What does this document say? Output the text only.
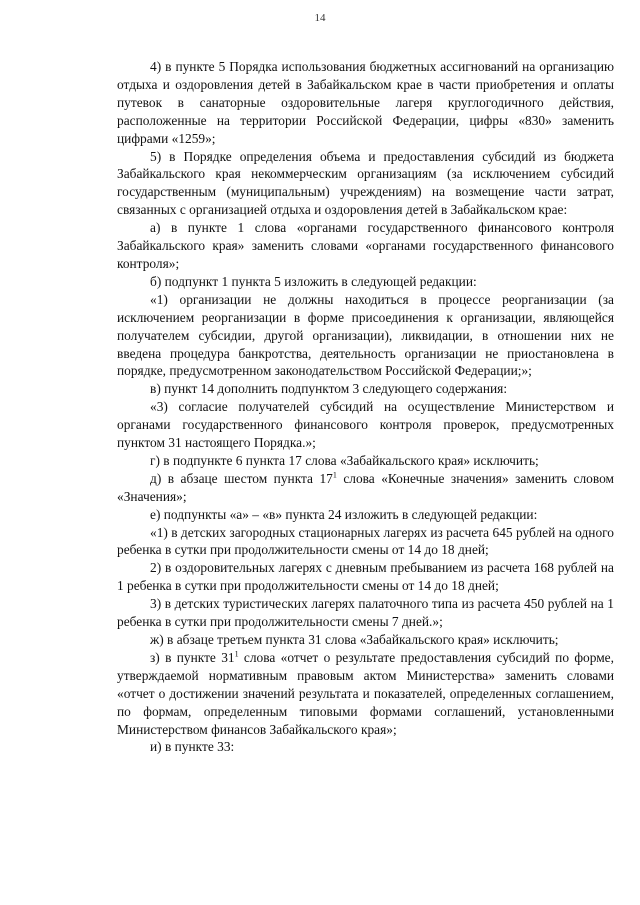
14

4) в пункте 5 Порядка использования бюджетных ассигнований на организацию отдыха и оздоровления детей в Забайкальском крае в части приобретения и оплаты путевок в санаторные оздоровительные лагеря круглогодичного действия, расположенные на территории Российской Федерации, цифры «830» заменить цифрами «1259»;

5) в Порядке определения объема и предоставления субсидий из бюджета Забайкальского края некоммерческим организациям (за исключением субсидий государственным (муниципальным) учреждениям) на возмещение части затрат, связанных с организацией отдыха и оздоровления детей в Забайкальском крае:

а) в пункте 1 слова «органами государственного финансового контроля Забайкальского края» заменить словами «органами государственного финансового контроля»;

б) подпункт 1 пункта 5 изложить в следующей редакции:

«1) организации не должны находиться в процессе реорганизации (за исключением реорганизации в форме присоединения к организации, являющейся получателем субсидии, другой организации), ликвидации, в отношении них не введена процедура банкротства, деятельность организации не приостановлена в порядке, предусмотренном законодательством Российской Федерации;»;

в) пункт 14 дополнить подпунктом 3 следующего содержания:

«3) согласие получателей субсидий на осуществление Министерством и органами государственного финансового контроля проверок, предусмотренных пунктом 31 настоящего Порядка.»;

г) в подпункте 6 пункта 17 слова «Забайкальского края» исключить;

д) в абзаце шестом пункта $17^1$ слова «Конечные значения» заменить словом «Значения»;

е) подпункты «а» – «в» пункта 24 изложить в следующей редакции:

«1) в детских загородных стационарных лагерях из расчета 645 рублей на одного ребенка в сутки при продолжительности смены от 14 до 18 дней;

2) в оздоровительных лагерях с дневным пребыванием из расчета 168 рублей на 1 ребенка в сутки при продолжительности смены от 14 до 18 дней;

3) в детских туристических лагерях палаточного типа из расчета 450 рублей на 1 ребенка в сутки при продолжительности смены 7 дней.»;

ж) в абзаце третьем пункта 31 слова «Забайкальского края» исключить;

з) в пункте $31^1$ слова «отчет о результате предоставления субсидий по форме, утверждаемой нормативным правовым актом Министерства» заменить словами «отчет о достижении значений результата и показателей, определенных соглашением, по формам, определенным типовыми формами соглашений, установленными Министерством финансов Забайкальского края»;

и) в пункте 33:
